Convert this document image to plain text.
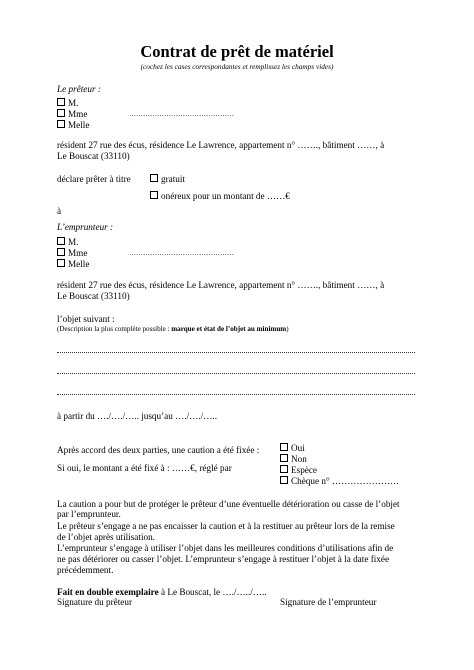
Contrat de prêt de matériel
(cochez les cases correspondantes et remplissez les champs vides)
Le prêteur :
M.
Mme	………………………………………
Melle
résident 27 rue des écus, résidence Le Lawrence, appartement n° ……., bâtiment ……, à
Le Bouscat (33110)
déclare prêter à titre	gratuit
onéreux pour un montant de ……€
à
L’emprunteur :
M.
Mme	………………………………………
Melle
résident 27 rue des écus, résidence Le Lawrence, appartement n° ……., bâtiment ……, à
Le Bouscat (33110)
l’objet suivant :
(Description la plus complète possible : marque et état de l’objet au minimum)
à partir du …./…./….. jusqu’au …./…./…..
Après accord des deux parties, une caution a été fixée :	Oui
Non
Si oui, le montant a été fixé à : ……€, réglé par	Espèce
Chèque n° ………………….
La caution a pour but de protéger le prêteur d’une éventuelle détérioration ou casse de l’objet
par l’emprunteur.
Le prêteur s’engage a ne pas encaisser la caution et à la restituer au prêteur lors de la remise
de l’objet après utilisation.
L’emprunteur s’engage à utiliser l’objet dans les meilleures conditions d’utilisations afin de
ne pas détériorer ou casser l’objet. L’emprunteur s’engage à restituer l’objet à la date fixée
précédemment.
Fait en double exemplaire à Le Bouscat, le …./…../…..
Signature du prêteur	Signature de l’emprunteur
